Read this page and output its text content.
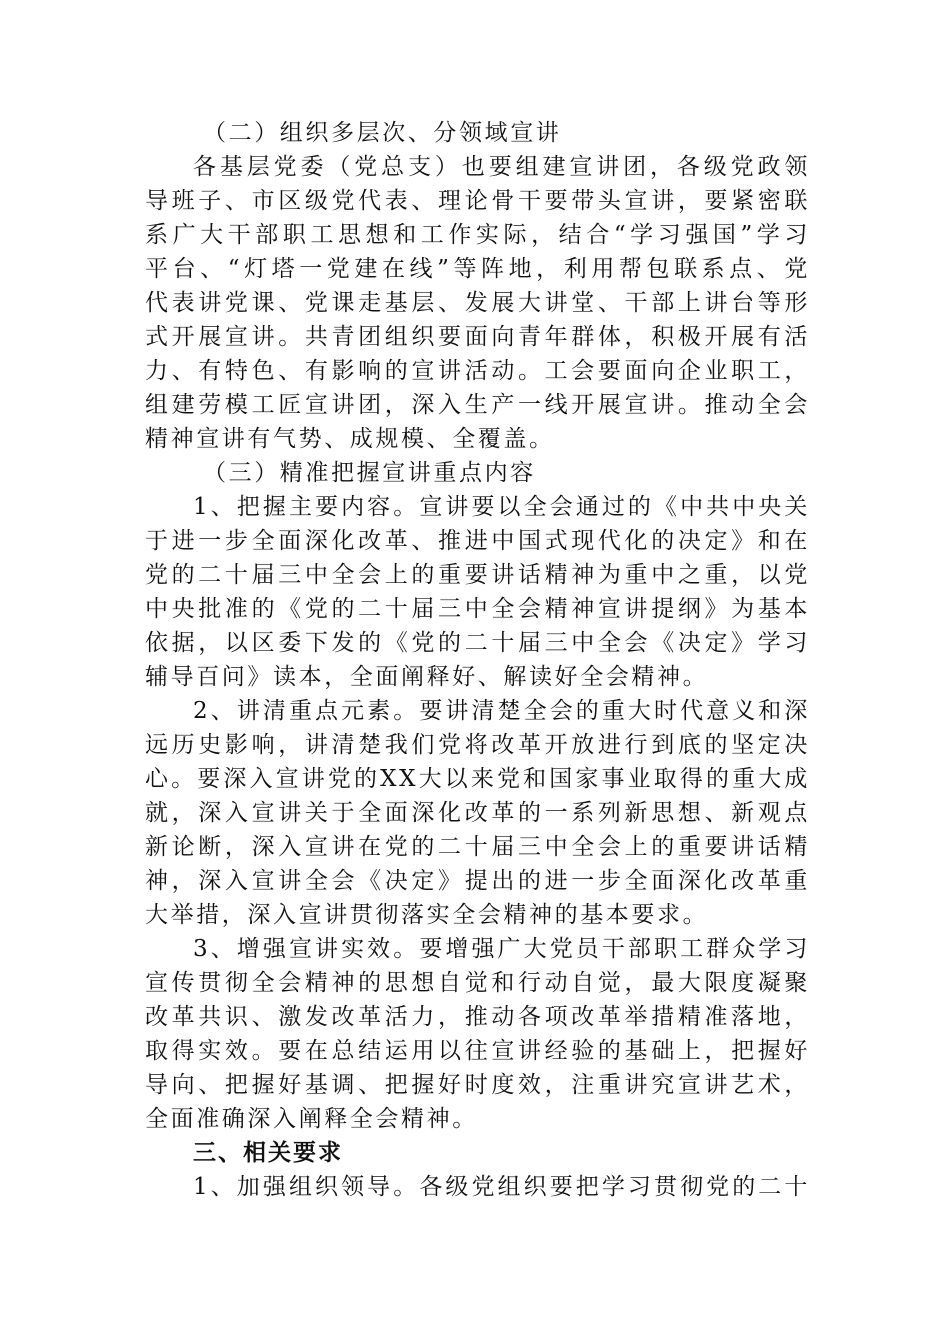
（二）组织多层次、分领域宣讲
各基层党委（党总支）也要组建宣讲团，各级党政领
导班子、市区级党代表、理论骨干要带头宣讲，要紧密联
系广大干部职工思想和工作实际，结合“学习强国”学习
平台、“灯塔一党建在线”等阵地，利用帮包联系点、党
代表讲党课、党课走基层、发展大讲堂、干部上讲台等形
式开展宣讲。共青团组织要面向青年群体，积极开展有活
力、有特色、有影响的宣讲活动。工会要面向企业职工，
组建劳模工匠宣讲团，深入生产一线开展宣讲。推动全会
精神宣讲有气势、成规模、全覆盖。
（三）精准把握宣讲重点内容
1、把握主要内容。宣讲要以全会通过的《中共中央关
于进一步全面深化改革、推进中国式现代化的决定》和在
党的二十届三中全会上的重要讲话精神为重中之重，以党
中央批准的《党的二十届三中全会精神宣讲提纲》为基本
依据，以区委下发的《党的二十届三中全会《决定》学习
辅导百问》读本，全面阐释好、解读好全会精神。
2、讲清重点元素。要讲清楚全会的重大时代意义和深
远历史影响，讲清楚我们党将改革开放进行到底的坚定决
心。要深入宣讲党的XX大以来党和国家事业取得的重大成
就，深入宣讲关于全面深化改革的一系列新思想、新观点
新论断，深入宣讲在党的二十届三中全会上的重要讲话精
神，深入宣讲全会《决定》提出的进一步全面深化改革重
大举措，深入宣讲贯彻落实全会精神的基本要求。
3、增强宣讲实效。要增强广大党员干部职工群众学习
宣传贯彻全会精神的思想自觉和行动自觉，最大限度凝聚
改革共识、激发改革活力，推动各项改革举措精准落地，
取得实效。要在总结运用以往宣讲经验的基础上，把握好
导向、把握好基调、把握好时度效，注重讲究宣讲艺术，
全面准确深入阐释全会精神。
三、相关要求
1、加强组织领导。各级党组织要把学习贯彻党的二十
